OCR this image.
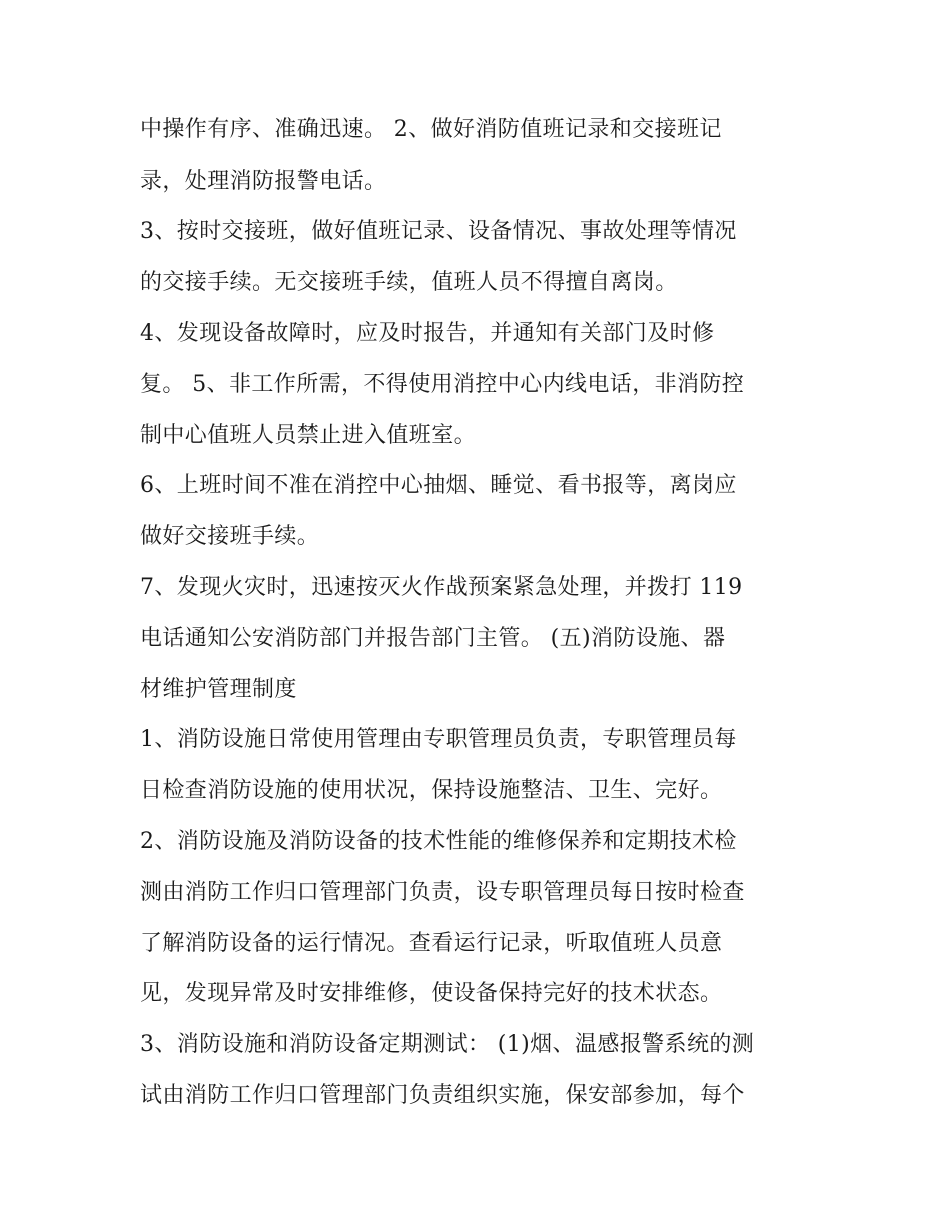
中操作有序、准确迅速。 2、做好消防值班记录和交接班记
录，处理消防报警电话。
3、按时交接班，做好值班记录、设备情况、事故处理等情况
的交接手续。无交接班手续，值班人员不得擅自离岗。
4、发现设备故障时，应及时报告，并通知有关部门及时修
复。 5、非工作所需，不得使用消控中心内线电话，非消防控
制中心值班人员禁止进入值班室。
6、上班时间不准在消控中心抽烟、睡觉、看书报等，离岗应
做好交接班手续。
7、发现火灾时，迅速按灭火作战预案紧急处理，并拨打 119
电话通知公安消防部门并报告部门主管。 (五)消防设施、器
材维护管理制度
1、消防设施日常使用管理由专职管理员负责，专职管理员每
日检查消防设施的使用状况，保持设施整洁、卫生、完好。
2、消防设施及消防设备的技术性能的维修保养和定期技术检
测由消防工作归口管理部门负责，设专职管理员每日按时检查
了解消防设备的运行情况。查看运行记录，听取值班人员意
见，发现异常及时安排维修，使设备保持完好的技术状态。
3、消防设施和消防设备定期测试： (1)烟、温感报警系统的测
试由消防工作归口管理部门负责组织实施，保安部参加，每个
